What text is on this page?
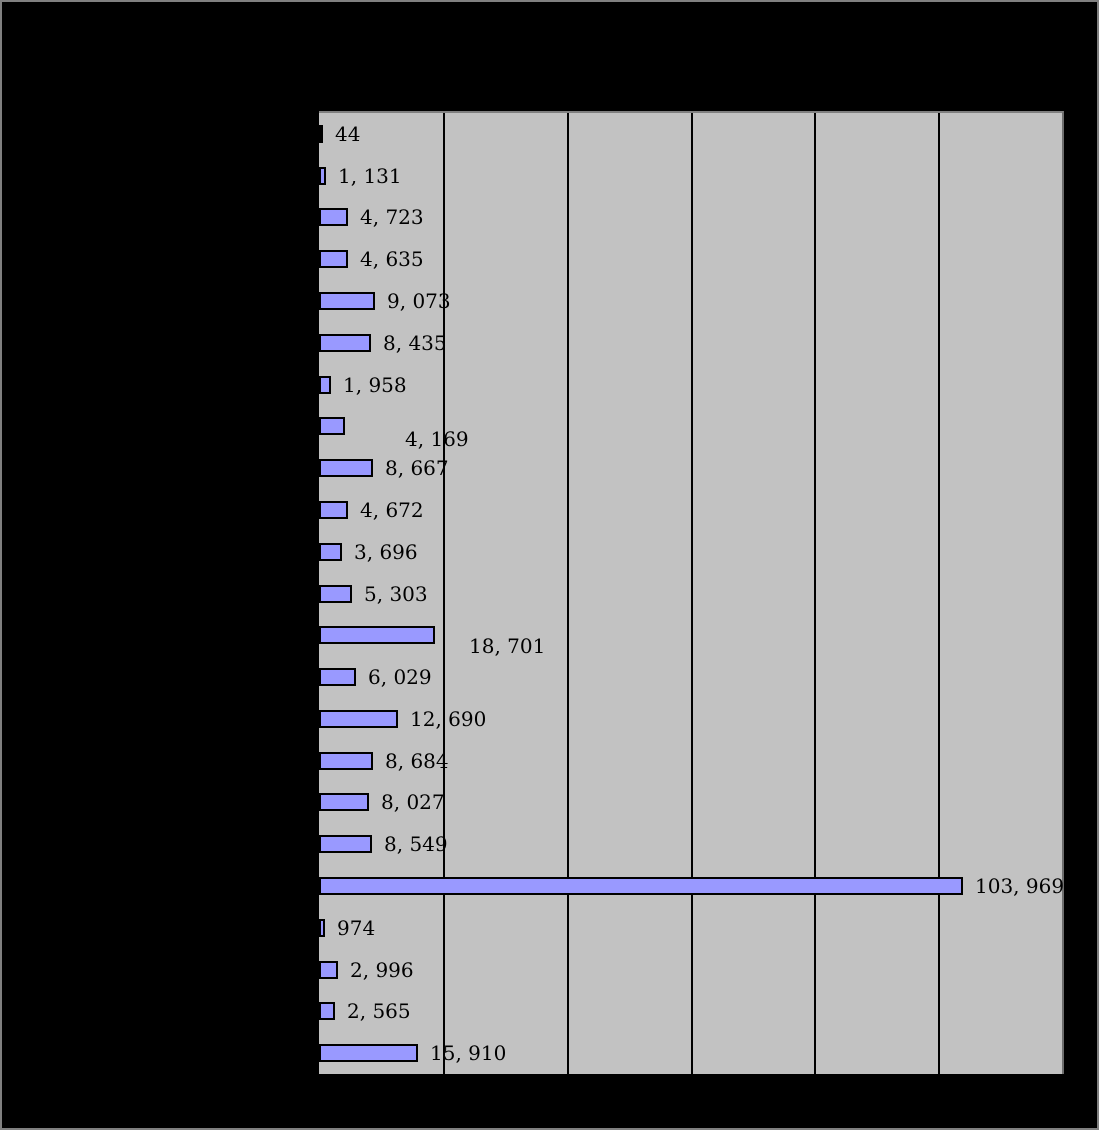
44
1, 131
4, 723
4, 635
9, 073
8, 435
1, 958
4, 169
8, 667
4, 672
3, 696
5, 303
18, 701
6, 029
12, 690
8, 684
8, 027
8, 549
103, 969
974
2, 996
2, 565
15, 910
